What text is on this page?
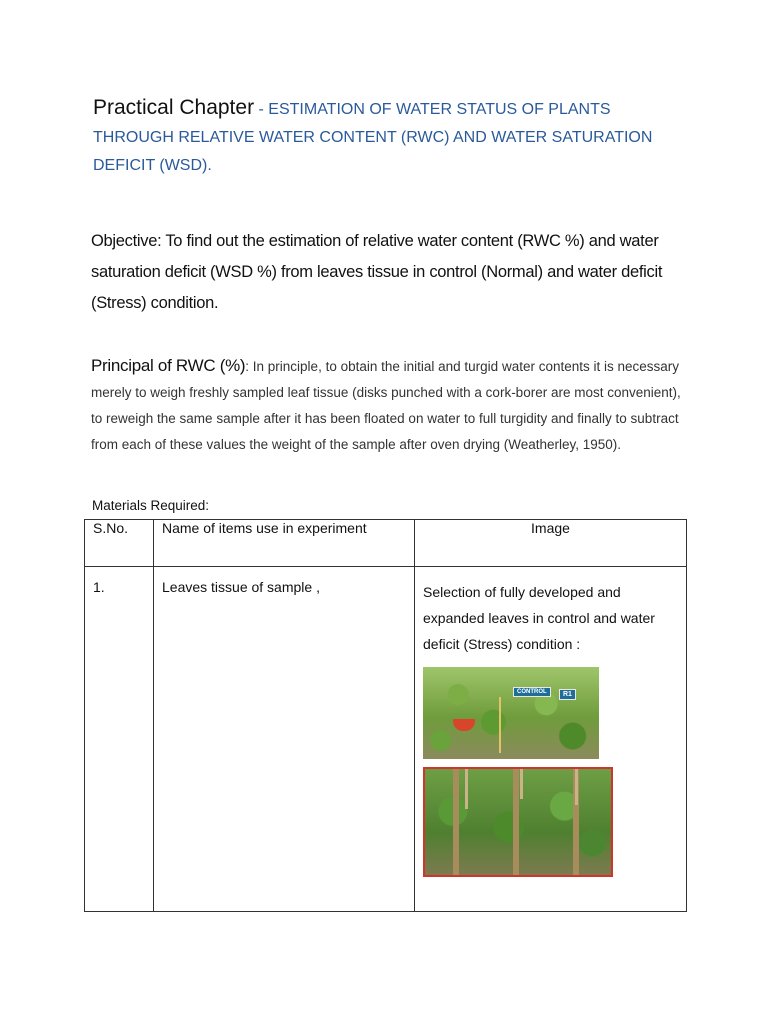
Practical Chapter - ESTIMATION OF WATER STATUS OF PLANTS THROUGH RELATIVE WATER CONTENT (RWC) AND WATER SATURATION DEFICIT (WSD).
Objective: To find out the estimation of relative water content (RWC %) and water saturation deficit (WSD %) from leaves tissue in control (Normal) and water deficit (Stress) condition.
Principal of RWC (%): In principle, to obtain the initial and turgid water contents it is necessary merely to weigh freshly sampled leaf tissue (disks punched with a cork-borer are most convenient), to reweigh the same sample after it has been floated on water to full turgidity and finally to subtract from each of these values the weight of the sample after oven drying (Weatherley, 1950).
Materials Required:
S.No.	Name of items use in experiment	Image
1.	Leaves tissue of sample ,	Selection of fully developed and expanded leaves in control and water deficit (Stress) condition :
CONTROL R1
